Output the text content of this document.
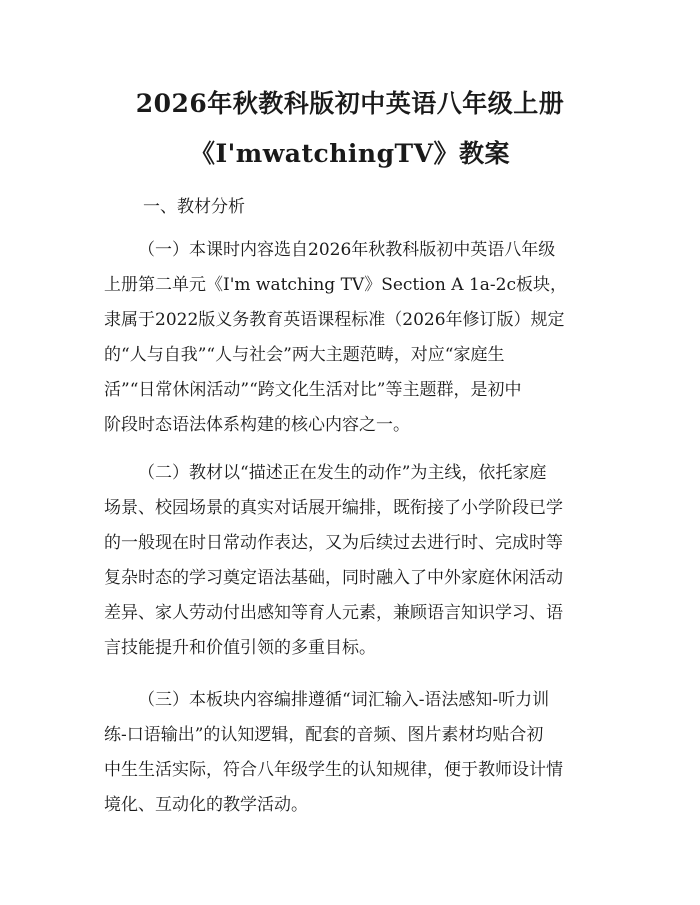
2026年秋教科版初中英语八年级上册
《I'mwatchingTV》教案
一、教材分析
（一）本课时内容选自2026年秋教科版初中英语八年级
上册第二单元《I'm watching TV》Section A 1a-2c板块，
隶属于2022版义务教育英语课程标准（2026年修订版）规定
的“人与自我”“人与社会”两大主题范畴，对应“家庭生
活”“日常休闲活动”“跨文化生活对比”等主题群，是初中
阶段时态语法体系构建的核心内容之一。
（二）教材以“描述正在发生的动作”为主线，依托家庭
场景、校园场景的真实对话展开编排，既衔接了小学阶段已学
的一般现在时日常动作表达，又为后续过去进行时、完成时等
复杂时态的学习奠定语法基础，同时融入了中外家庭休闲活动
差异、家人劳动付出感知等育人元素，兼顾语言知识学习、语
言技能提升和价值引领的多重目标。
（三）本板块内容编排遵循“词汇输入-语法感知-听力训
练-口语输出”的认知逻辑，配套的音频、图片素材均贴合初
中生生活实际，符合八年级学生的认知规律，便于教师设计情
境化、互动化的教学活动。
